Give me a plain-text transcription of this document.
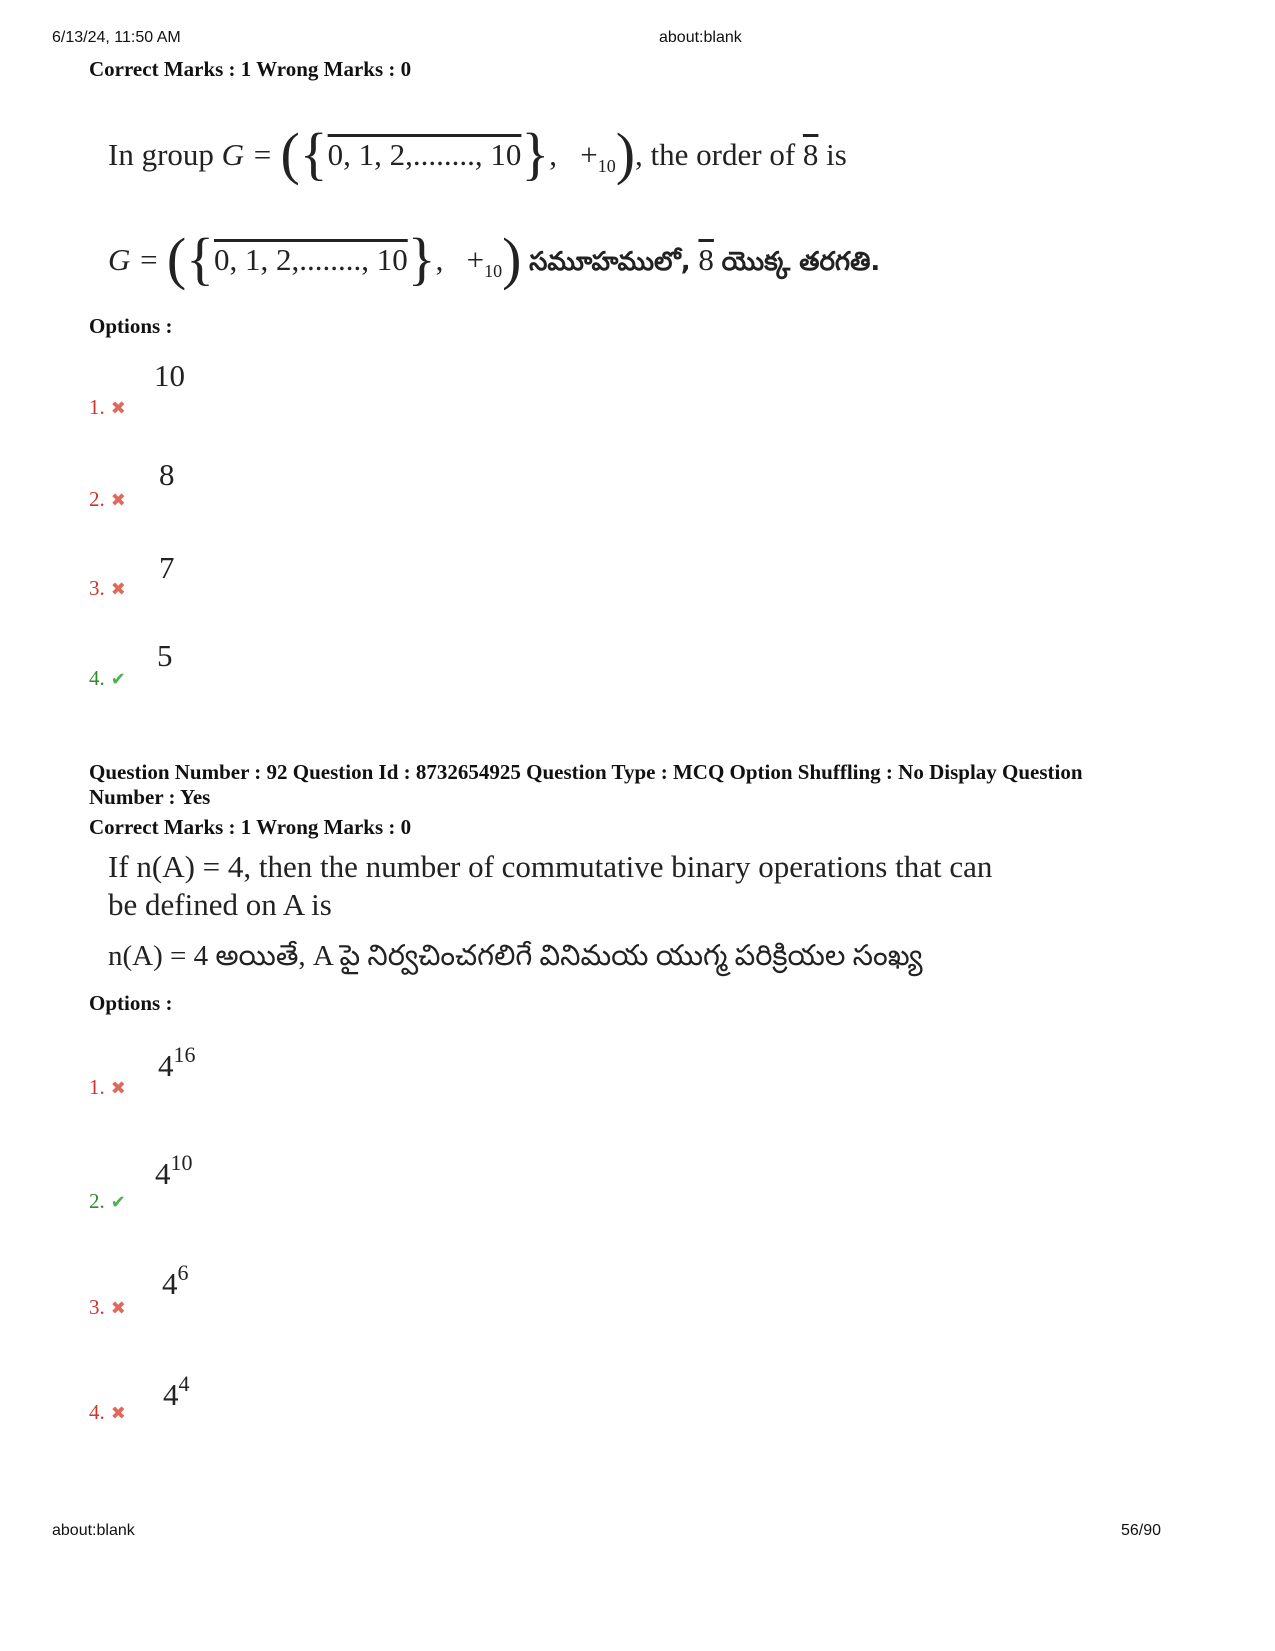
6/13/24, 11:50 AM	about:blank
Correct Marks : 1 Wrong Marks : 0
In group G = ({0, 1, 2,........, 10},   $+_{10}$), the order of 8 is
G = ({0, 1, 2,........, 10},   $+_{10}$) సమూహములో, 8 యొక్క తరగతి.
Options :
10
1. ✖
8
2. ✖
7
3. ✖
5
4. ✔
Question Number : 92 Question Id : 8732654925 Question Type : MCQ Option Shuffling : No Display Question
Number : Yes
Correct Marks : 1 Wrong Marks : 0
If n(A) = 4, then the number of commutative binary operations that can
be defined on A is
n(A) = 4 అయితే, A పై నిర్వచించగలిగే వినిమయ యుగ్మ పరిక్రియల సంఖ్య
Options :
$4^{16}$
1. ✖
$4^{10}$
2. ✔
$4^6$
3. ✖
$4^4$
4. ✖
about:blank	56/90
